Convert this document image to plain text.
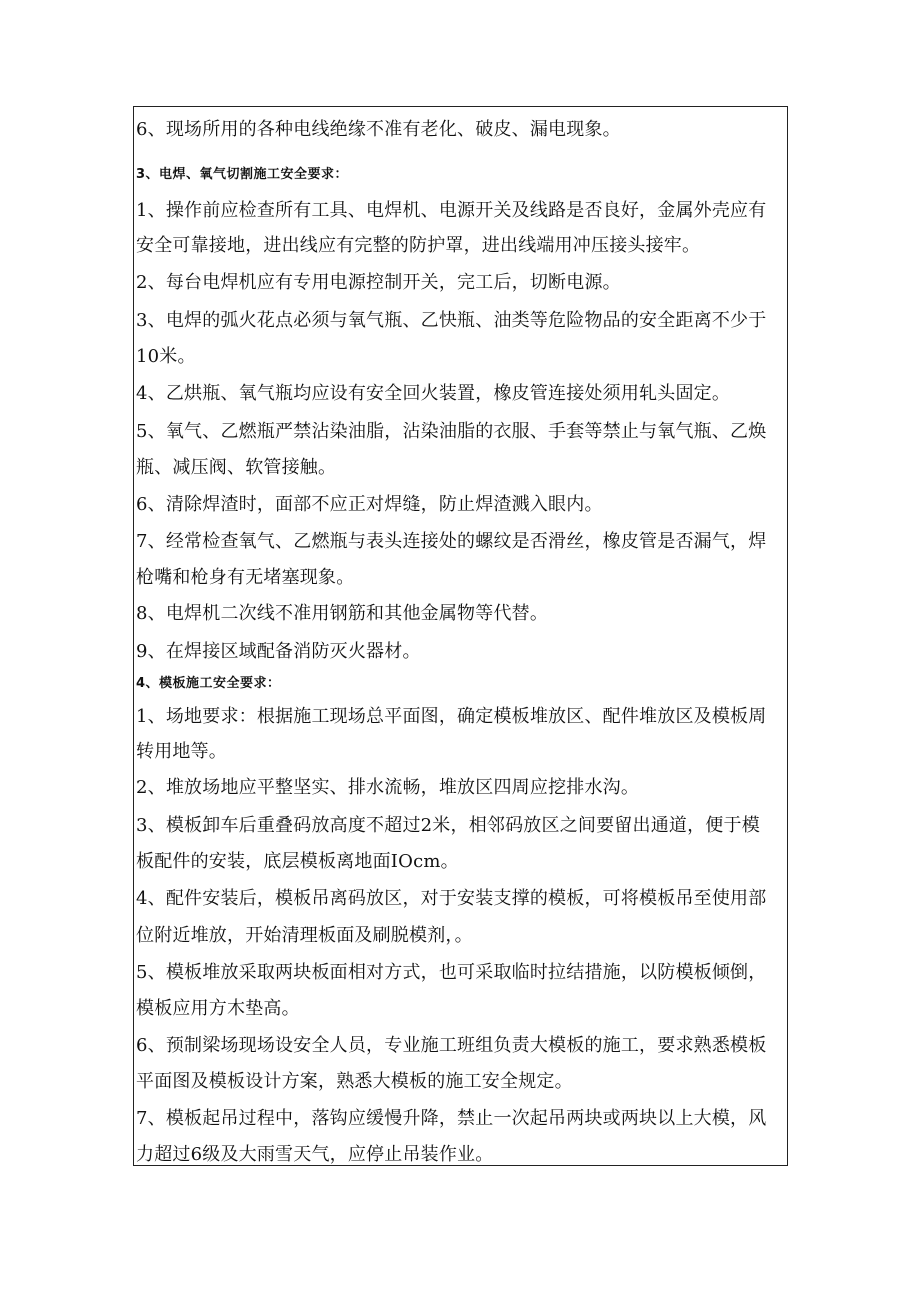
6、现场所用的各种电线绝缘不准有老化、破皮、漏电现象。
3、电焊、氧气切割施工安全要求：
1、操作前应检查所有工具、电焊机、电源开关及线路是否良好，金属外壳应有
安全可靠接地，进出线应有完整的防护罩，进出线端用冲压接头接牢。
2、每台电焊机应有专用电源控制开关，完工后，切断电源。
3、电焊的弧火花点必须与氧气瓶、乙快瓶、油类等危险物品的安全距离不少于
10米。
4、乙烘瓶、氧气瓶均应设有安全回火装置，橡皮管连接处须用轧头固定。
5、氧气、乙燃瓶严禁沾染油脂，沾染油脂的衣服、手套等禁止与氧气瓶、乙焕
瓶、减压阀、软管接触。
6、清除焊渣时，面部不应正对焊缝，防止焊渣溅入眼内。
7、经常检查氧气、乙燃瓶与表头连接处的螺纹是否滑丝，橡皮管是否漏气，焊
枪嘴和枪身有无堵塞现象。
8、电焊机二次线不准用钢筋和其他金属物等代替。
9、在焊接区域配备消防灭火器材。
4、模板施工安全要求：
1、场地要求：根据施工现场总平面图，确定模板堆放区、配件堆放区及模板周
转用地等。
2、堆放场地应平整坚实、排水流畅，堆放区四周应挖排水沟。
3、模板卸车后重叠码放高度不超过2米，相邻码放区之间要留出通道，便于模
板配件的安装，底层模板离地面IOcm。
4、配件安装后，模板吊离码放区，对于安装支撑的模板，可将模板吊至使用部
位附近堆放，开始清理板面及刷脱模剂，。
5、模板堆放采取两块板面相对方式，也可采取临时拉结措施，以防模板倾倒，
模板应用方木垫高。
6、预制梁场现场设安全人员，专业施工班组负责大模板的施工，要求熟悉模板
平面图及模板设计方案，熟悉大模板的施工安全规定。
7、模板起吊过程中，落钩应缓慢升降，禁止一次起吊两块或两块以上大模，风
力超过6级及大雨雪天气，应停止吊装作业。
